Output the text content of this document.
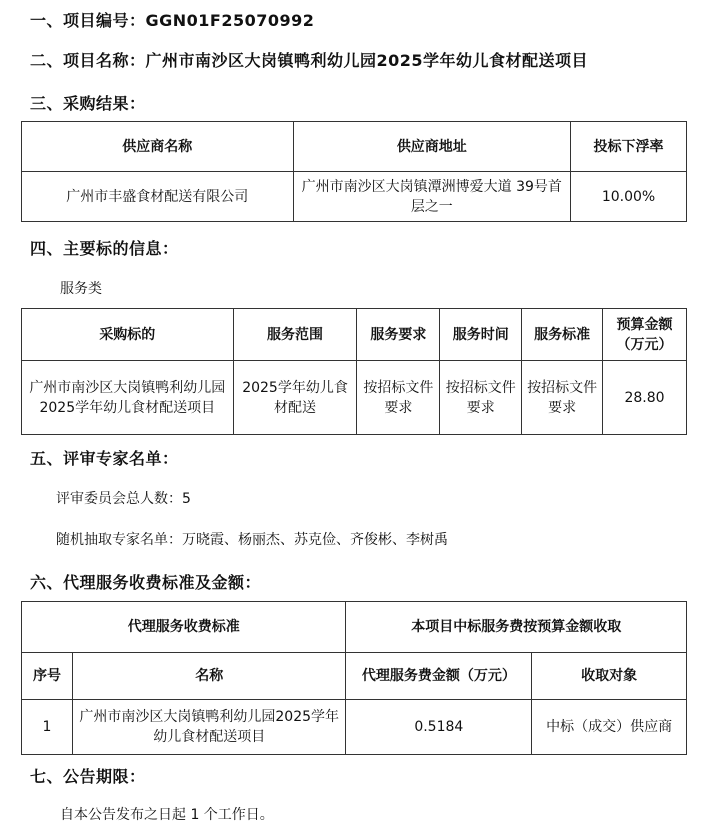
一、项目编号：GGN01F25070992
二、项目名称：广州市南沙区大岗镇鸭利幼儿园2025学年幼儿食材配送项目
三、采购结果：
供应商名称	供应商地址	投标下浮率
广州市丰盛食材配送有限公司	广州市南沙区大岗镇潭洲博爱大道 39号首层之一	10.00%
四、主要标的信息：
服务类
采购标的	服务范围	服务要求	服务时间	服务标准	预算金额（万元）
广州市南沙区大岗镇鸭利幼儿园2025学年幼儿食材配送项目	2025学年幼儿食材配送	按招标文件要求	按招标文件要求	按招标文件要求	28.80
五、评审专家名单：
评审委员会总人数：5
随机抽取专家名单：万晓霞、杨丽杰、苏克俭、齐俊彬、李树禹
六、代理服务收费标准及金额：
代理服务收费标准		本项目中标服务费按预算金额收取	
序号	名称	代理服务费金额（万元）	收取对象
1	广州市南沙区大岗镇鸭利幼儿园2025学年幼儿食材配送项目	0.5184	中标（成交）供应商
七、公告期限：
自本公告发布之日起 1 个工作日。
